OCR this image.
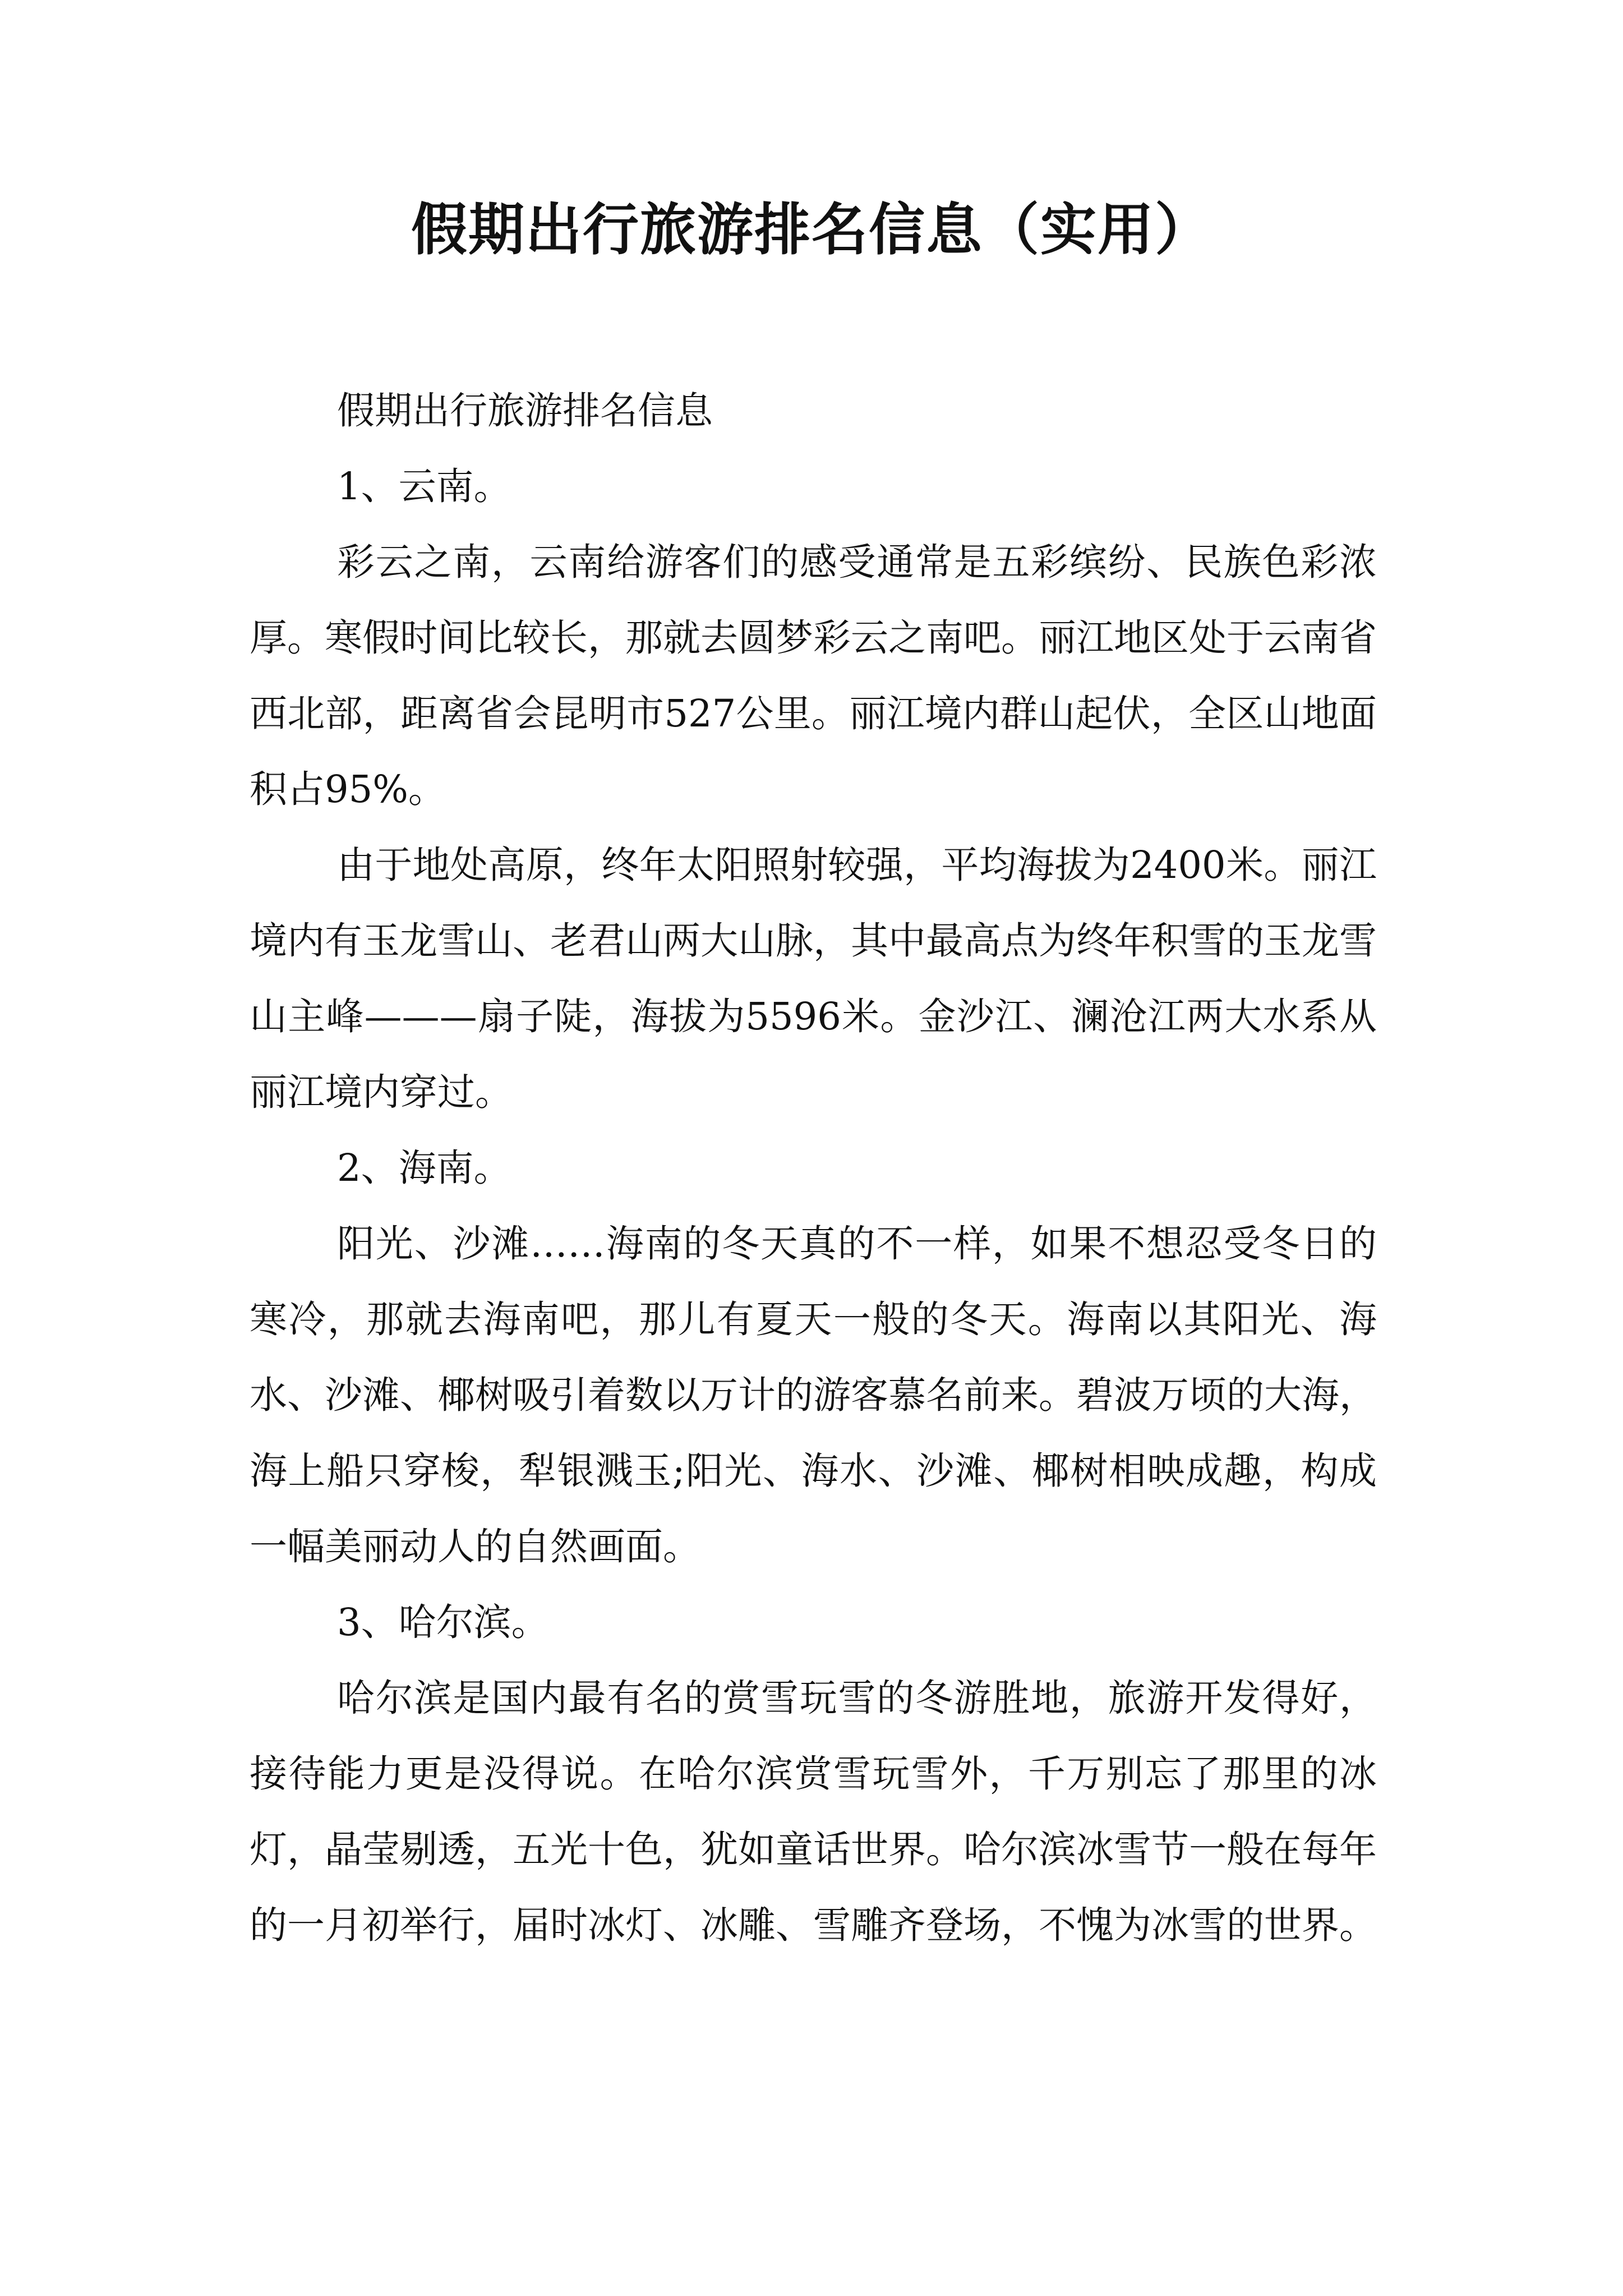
假期出行旅游排名信息（实用）

假期出行旅游排名信息

1、云南。

彩云之南，云南给游客们的感受通常是五彩缤纷、民族色彩浓厚。寒假时间比较长，那就去圆梦彩云之南吧。丽江地区处于云南省西北部，距离省会昆明市527公里。丽江境内群山起伏，全区山地面积占95%。

由于地处高原，终年太阳照射较强，平均海拔为2400米。丽江境内有玉龙雪山、老君山两大山脉，其中最高点为终年积雪的玉龙雪山主峰———扇子陡，海拔为5596米。金沙江、澜沧江两大水系从丽江境内穿过。

2、海南。

阳光、沙滩……海南的冬天真的不一样，如果不想忍受冬日的寒冷，那就去海南吧，那儿有夏天一般的冬天。海南以其阳光、海水、沙滩、椰树吸引着数以万计的游客慕名前来。碧波万顷的大海，海上船只穿梭，犁银溅玉;阳光、海水、沙滩、椰树相映成趣，构成一幅美丽动人的自然画面。

3、哈尔滨。

哈尔滨是国内最有名的赏雪玩雪的冬游胜地，旅游开发得好，接待能力更是没得说。在哈尔滨赏雪玩雪外，千万别忘了那里的冰灯，晶莹剔透，五光十色，犹如童话世界。哈尔滨冰雪节一般在每年的一月初举行，届时冰灯、冰雕、雪雕齐登场，不愧为冰雪的世界。
